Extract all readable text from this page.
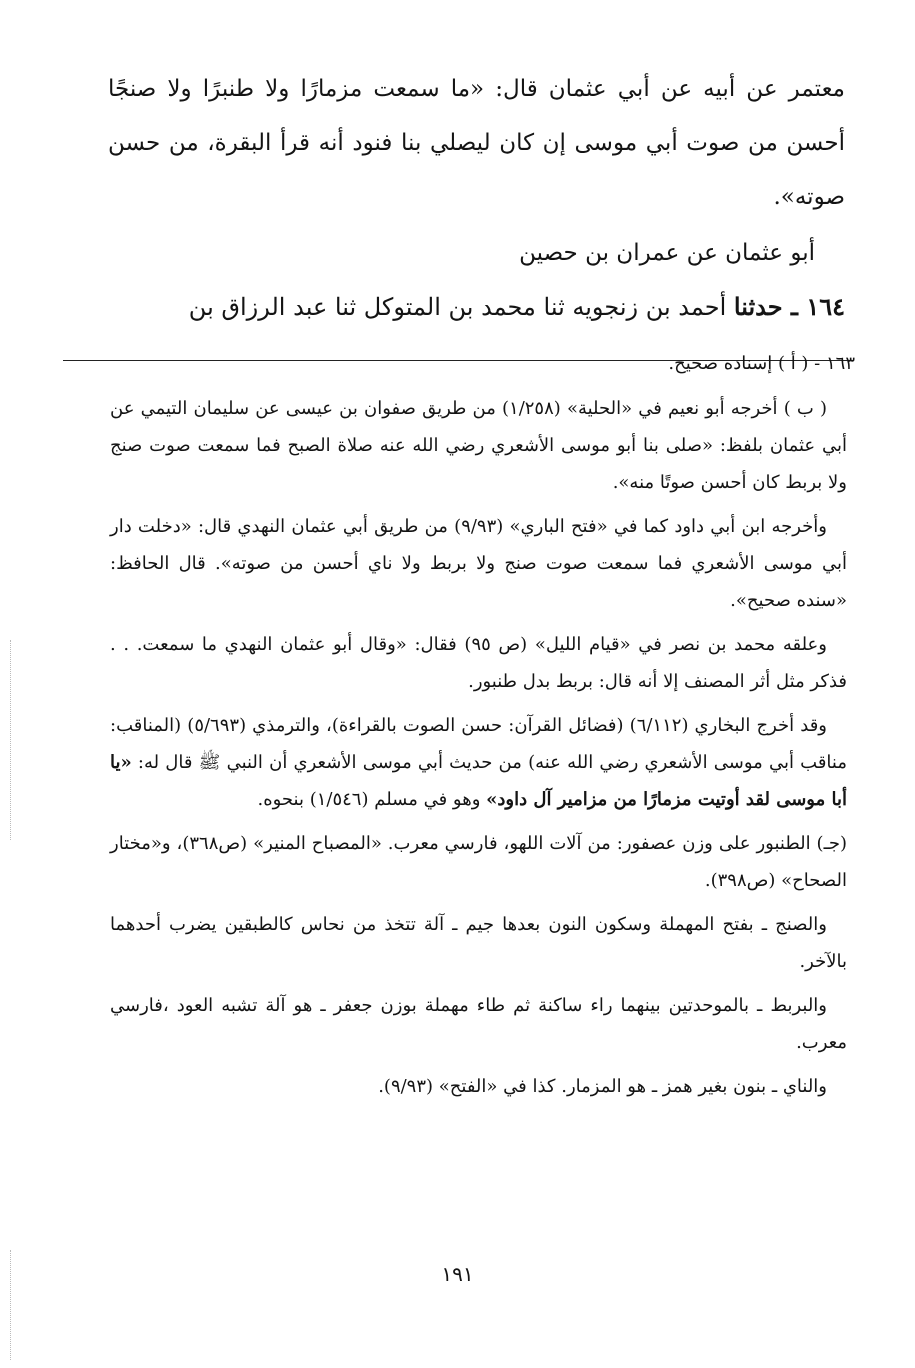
معتمر عن أبيه عن أبي عثمان قال: «ما سمعت مزمارًا ولا طنبرًا ولا صنجًا أحسن من صوت أبي موسى إن كان ليصلي بنا فنود أنه قرأ البقرة، من حسن صوته».

أبو عثمان عن عمران بن حصين

١٦٤ ـ حدثنا أحمد بن زنجويه ثنا محمد بن المتوكل ثنا عبد الرزاق بن

١٦٣ - ( أ ) إسناده صحيح.

( ب ) أخرجه أبو نعيم في «الحلية» (١/٢٥٨) من طريق صفوان بن عيسى عن سليمان التيمي عن أبي عثمان بلفظ: «صلى بنا أبو موسى الأشعري رضي الله عنه صلاة الصبح فما سمعت صوت صنج ولا بربط كان أحسن صوتًا منه».

وأخرجه ابن أبي داود كما في «فتح الباري» (٩/٩٣) من طريق أبي عثمان النهدي قال: «دخلت دار أبي موسى الأشعري فما سمعت صوت صنج ولا بربط ولا ناي أحسن من صوته». قال الحافظ: «سنده صحيح».

وعلقه محمد بن نصر في «قيام الليل» (ص ٩٥) فقال: «وقال أبو عثمان النهدي ما سمعت. . . فذكر مثل أثر المصنف إلا أنه قال: بربط بدل طنبور.

وقد أخرج البخاري (٦/١١٢) (فضائل القرآن: حسن الصوت بالقراءة)، والترمذي (٥/٦٩٣) (المناقب: مناقب أبي موسى الأشعري رضي الله عنه) من حديث أبي موسى الأشعري أن النبي ﷺ قال له: «يا أبا موسى لقد أوتيت مزمارًا من مزامير آل داود» وهو في مسلم (١/٥٤٦) بنحوه.

(جـ) الطنبور على وزن عصفور: من آلات اللهو، فارسي معرب. «المصباح المنير» (ص٣٦٨)، و«مختار الصحاح» (ص٣٩٨).

والصنج ـ بفتح المهملة وسكون النون بعدها جيم ـ آلة تتخذ من نحاس كالطبقين يضرب أحدهما بالآخر.

والبربط ـ بالموحدتين بينهما راء ساكنة ثم طاء مهملة بوزن جعفر ـ هو آلة تشبه العود ،فارسي معرب.

والناي ـ بنون بغير همز ـ هو المزمار. كذا في «الفتح» (٩/٩٣).

١٩١
